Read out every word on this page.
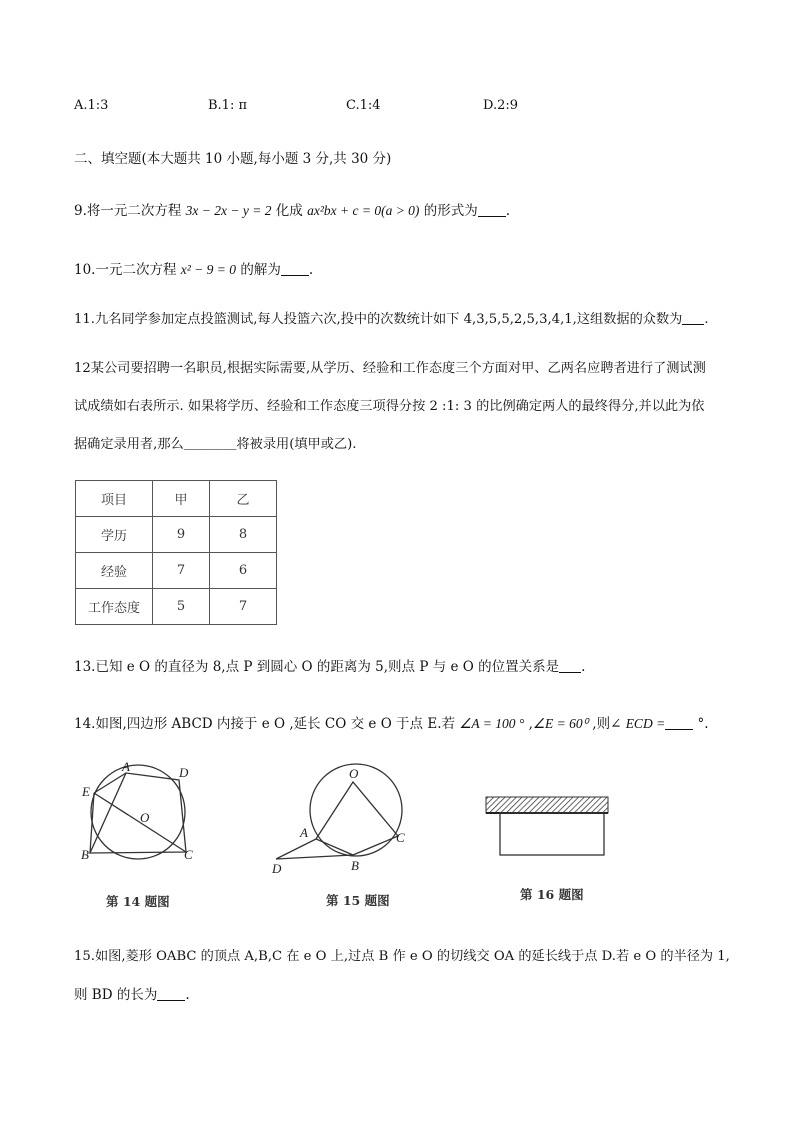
A.1:3	B.1: π	C.1:4	D.2:9
二、填空题(本大题共 10 小题,每小题 3 分,共 30 分)
9.将一元二次方程 3x − 2x − y = 2 化成 ax²bx + c = 0(a > 0) 的形式为 .
10.一元二次方程 x² − 9 = 0 的解为 .
11.九名同学参加定点投篮测试,每人投篮六次,投中的次数统计如下 4,3,5,5,2,5,3,4,1,这组数据的众数为 .
12某公司要招聘一名职员,根据实际需要,从学历、经验和工作态度三个方面对甲、乙两名应聘者进行了测试测
试成绩如右表所示. 如果将学历、经验和工作态度三项得分按 2 :1: 3 的比例确定两人的最终得分,并以此为依
据确定录用者,那么＿＿＿＿将被录用(填甲或乙).
项目	甲	乙
学历	9	8
经验	7	6
工作态度	5	7
13.已知 e O 的直径为 8,点 P 到圆心 O 的距离为 5,则点 P 与 e O 的位置关系是 .
14.如图,四边形 ABCD 内接于 e O ,延长 CO 交 e O 于点 E.若 ∠A = 100 ° ,∠E = 60⁰ ,则∠ ECD = °.
A	D
E
O
B	C
第 14 题图
O
A	C
D	B
第 15 题图	第 16 题图
15.如图,菱形 OABC 的顶点 A,B,C 在 e O 上,过点 B 作 e O 的切线交 OA 的延长线于点 D.若 e O 的半径为 1,
则 BD 的长为 .
